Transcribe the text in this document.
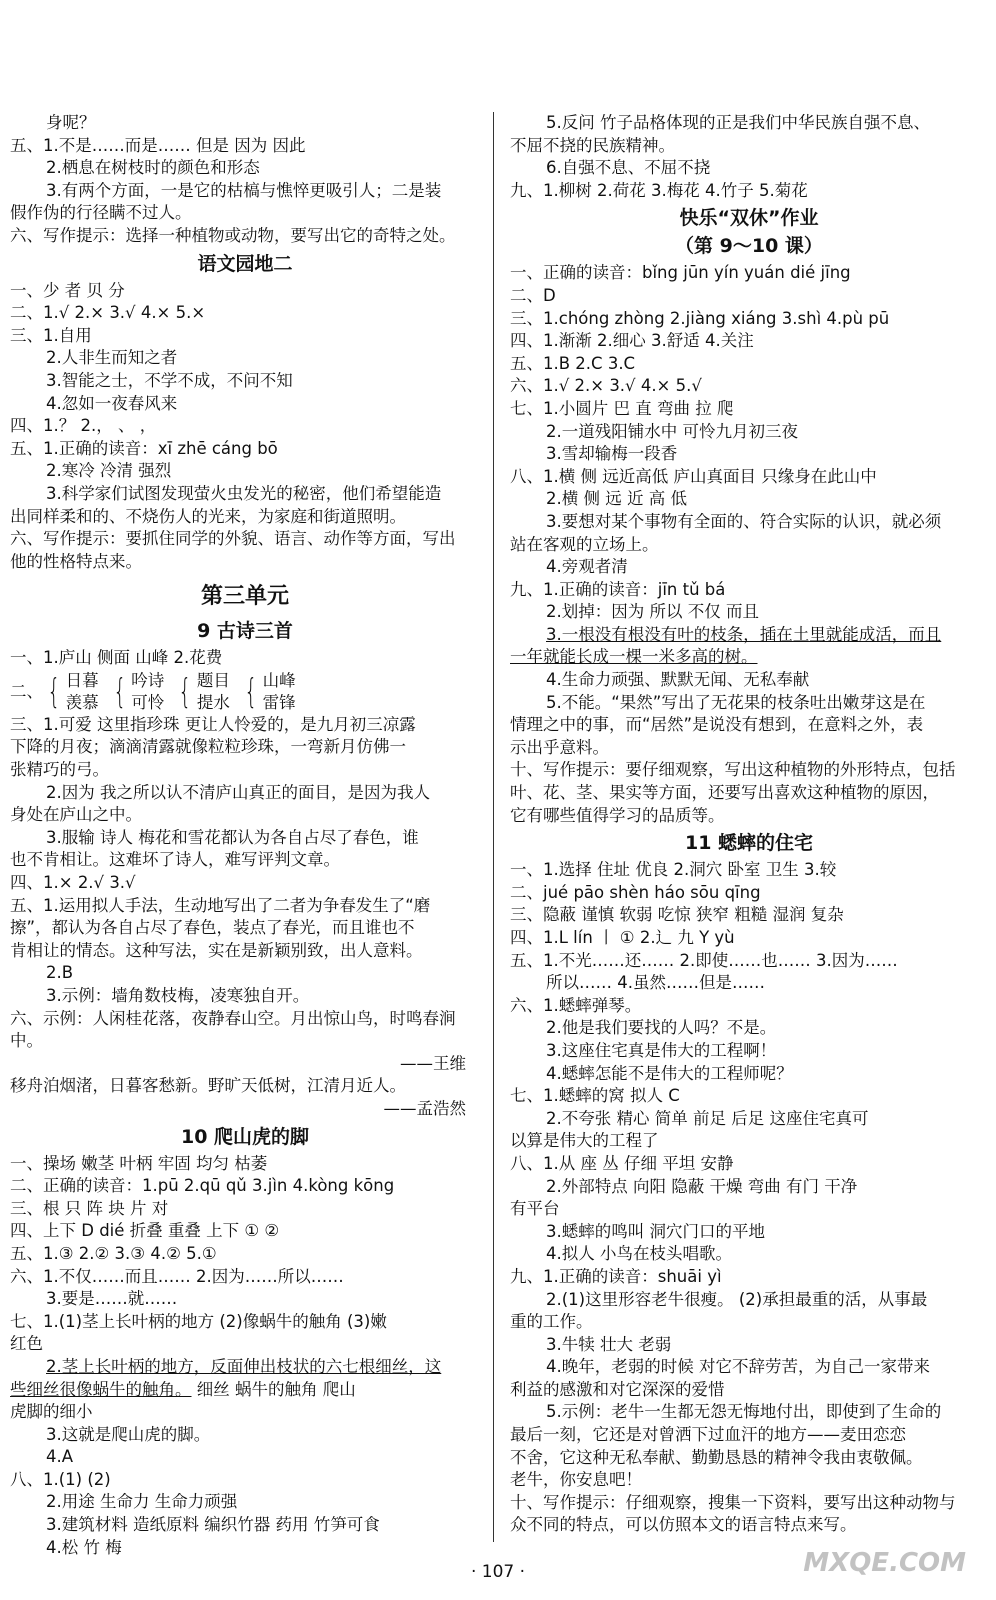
身呢？

五、1.不是……而是…… 但是 因为 因此

2.栖息在树枝时的颜色和形态

3.有两个方面，一是它的枯槁与憔悴更吸引人；二是装

假作伪的行径瞒不过人。

六、写作提示：选择一种植物或动物，要写出它的奇特之处。

语文园地二

一、少 者 贝 分

二、1.√ 2.× 3.√ 4.× 5.×

三、1.自用

2.人非生而知之者

3.智能之士，不学不成，不问不知

4.忽如一夜春风来

四、1.？ 2.， 、 ，

五、1.正确的读音：xī zhē cáng bō

2.寒冷 冷清 强烈

3.科学家们试图发现萤火虫发光的秘密，他们希望能造

出同样柔和的、不烧伤人的光来，为家庭和街道照明。

六、写作提示：要抓住同学的外貌、语言、动作等方面，写出

他的性格特点来。

第三单元
9 古诗三首

一、1.庐山 侧面 山峰 2.花费

二、 { 日暮
羡慕 { 吟诗
可怜 { 题目
提水 { 山峰
雷锋

三、1.可爱 这里指珍珠 更让人怜爱的，是九月初三凉露

下降的月夜；滴滴清露就像粒粒珍珠，一弯新月仿佛一

张精巧的弓。

2.因为 我之所以认不清庐山真正的面目，是因为我人

身处在庐山之中。

3.服输 诗人 梅花和雪花都认为各自占尽了春色，谁

也不肯相让。这难坏了诗人，难写评判文章。

四、1.× 2.√ 3.√

五、1.运用拟人手法，生动地写出了二者为争春发生了“磨

擦”，都认为各自占尽了春色，装点了春光，而且谁也不

肯相让的情态。这种写法，实在是新颖别致，出人意料。

2.B

3.示例：墙角数枝梅，凌寒独自开。

六、示例：人闲桂花落，夜静春山空。月出惊山鸟，时鸣春涧

中。

——王维

移舟泊烟渚，日暮客愁新。野旷天低树，江清月近人。

——孟浩然

10 爬山虎的脚

一、操场 嫩茎 叶柄 牢固 均匀 枯萎

二、正确的读音：1.pū 2.qū qǔ 3.jìn 4.kòng kōng

三、根 只 阵 块 片 对

四、上下 D dié 折叠 重叠 上下 ① ②

五、1.③ 2.② 3.③ 4.② 5.①

六、1.不仅……而且…… 2.因为……所以……

3.要是……就……

七、1.(1)茎上长叶柄的地方 (2)像蜗牛的触角 (3)嫩

红色

2.茎上长叶柄的地方，反面伸出枝状的六七根细丝，这

些细丝很像蜗牛的触角。 细丝 蜗牛的触角 爬山

虎脚的细小

3.这就是爬山虎的脚。

4.A

八、1.(1) (2)

2.用途 生命力 生命力顽强

3.建筑材料 造纸原料 编织竹器 药用 竹笋可食

4.松 竹 梅

5.反问 竹子品格体现的正是我们中华民族自强不息、

不屈不挠的民族精神。

6.自强不息、不屈不挠

九、1.柳树 2.荷花 3.梅花 4.竹子 5.菊花

快乐“双休”作业
（第 9～10 课）

一、正确的读音：bǐng jūn yín yuán dié jīng

二、D

三、1.chóng zhòng 2.jiàng xiáng 3.shì 4.pù pū

四、1.渐渐 2.细心 3.舒适 4.关注

五、1.B 2.C 3.C

六、1.√ 2.× 3.√ 4.× 5.√

七、1.小圆片 巴 直 弯曲 拉 爬

2.一道残阳铺水中 可怜九月初三夜

3.雪却输梅一段香

八、1.横 侧 远近高低 庐山真面目 只缘身在此山中

2.横 侧 远 近 高 低

3.要想对某个事物有全面的、符合实际的认识，就必须

站在客观的立场上。

4.旁观者清

九、1.正确的读音：jīn tǔ bá

2.划掉：因为 所以 不仅 而且

3.一根没有根没有叶的枝条，插在土里就能成活，而且

一年就能长成一棵一米多高的树。

4.生命力顽强、默默无闻、无私奉献

5.不能。“果然”写出了无花果的枝条吐出嫩芽这是在

情理之中的事，而“居然”是说没有想到，在意料之外，表

示出乎意料。

十、写作提示：要仔细观察，写出这种植物的外形特点，包括

叶、花、茎、果实等方面，还要写出喜欢这种植物的原因，

它有哪些值得学习的品质等。

11 蟋蟀的住宅

一、1.选择 住址 优良 2.洞穴 卧室 卫生 3.较

二、jué pāo shèn háo sōu qīng

三、隐蔽 谨慎 软弱 吃惊 狭窄 粗糙 湿润 复杂

四、1.L lín 丨 ① 2.辶 九 Y yù

五、1.不光……还…… 2.即使……也…… 3.因为……

所以…… 4.虽然……但是……

六、1.蟋蟀弹琴。

2.他是我们要找的人吗？不是。

3.这座住宅真是伟大的工程啊！

4.蟋蟀怎能不是伟大的工程师呢？

七、1.蟋蟀的窝 拟人 C

2.不夸张 精心 简单 前足 后足 这座住宅真可

以算是伟大的工程了

八、1.从 座 丛 仔细 平坦 安静

2.外部特点 向阳 隐蔽 干燥 弯曲 有门 干净

有平台

3.蟋蟀的鸣叫 洞穴门口的平地

4.拟人 小鸟在枝头唱歌。

九、1.正确的读音：shuāi yì

2.(1)这里形容老牛很瘦。 (2)承担最重的活，从事最

重的工作。

3.牛犊 壮大 老弱

4.晚年，老弱的时候 对它不辞劳苦，为自己一家带来

利益的感激和对它深深的爱惜

5.示例：老牛一生都无怨无悔地付出，即使到了生命的

最后一刻，它还是对曾洒下过血汗的地方——麦田恋恋

不舍，它这种无私奉献、勤勤恳恳的精神令我由衷敬佩。

老牛，你安息吧！

十、写作提示：仔细观察，搜集一下资料，要写出这种动物与

众不同的特点，可以仿照本文的语言特点来写。

· 107 ·	MXQE.COM
